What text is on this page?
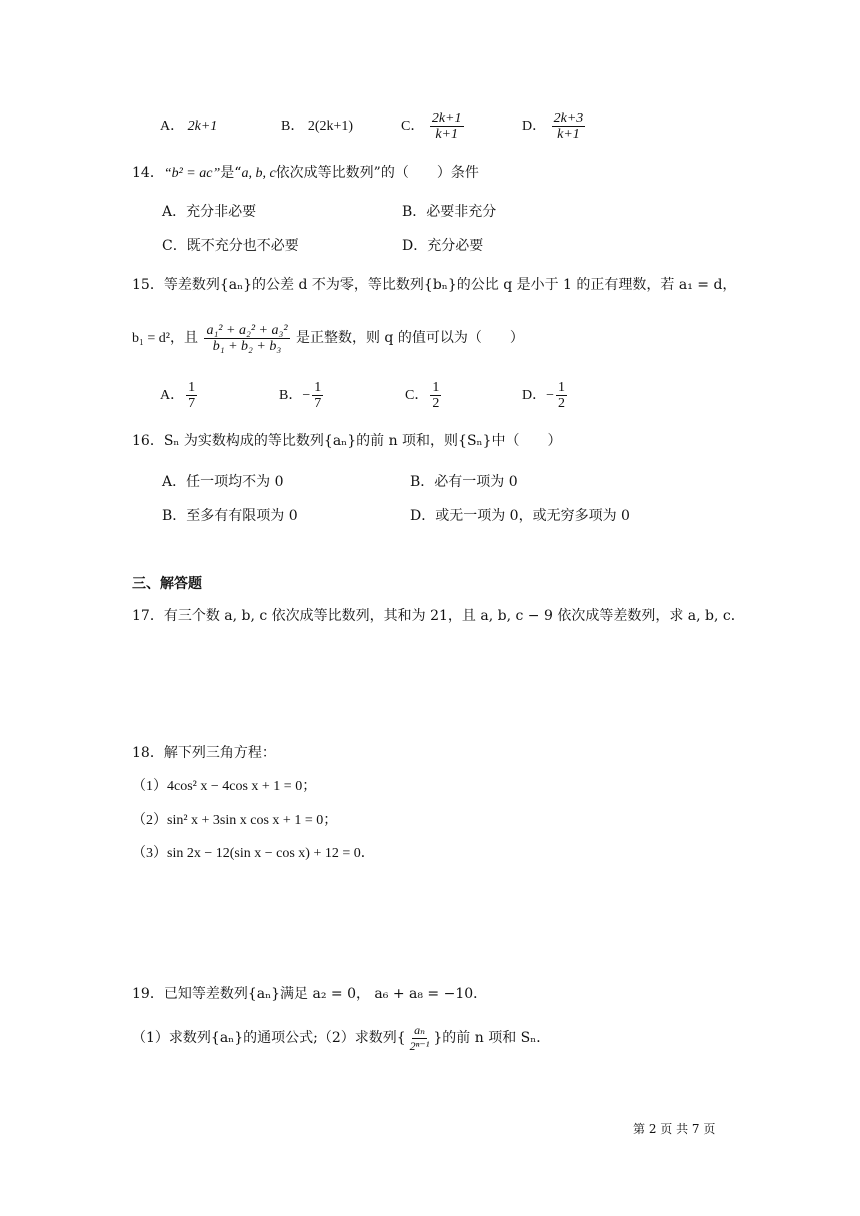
A． 2k+1	B． 2(2k+1)	C． $\frac{2k+1}{k+1}$	D． $\frac{2k+3}{k+1}$
14．“b² = ac”是“a, b, c依次成等比数列”的（　　）条件
A．充分非必要	B．必要非充分
C．既不充分也不必要	D．充分必要
15．等差数列{aₙ}的公差 d 不为零，等比数列{bₙ}的公比 q 是小于 1 的正有理数，若 a₁ = d，
b₁ = d²，且 $\frac{\text{a₁² + a₂² + a₃²}}{\text{b₁ + b₂ + b₃}}$ 是正整数，则 q 的值可以为（　　）
A． $\frac{1}{7}$	B．− $\frac{1}{7}$	C． $\frac{1}{2}$	D．− $\frac{1}{2}$
16．Sₙ 为实数构成的等比数列{aₙ}的前 n 项和，则{Sₙ}中（　　）
A．任一项均不为 0	B．必有一项为 0
B．至多有有限项为 0	D．或无一项为 0，或无穷多项为 0
三、解答题
17．有三个数 a, b, c 依次成等比数列，其和为 21，且 a, b, c − 9 依次成等差数列，求 a, b, c．
18．解下列三角方程：
（1）4cos² x − 4cos x + 1 = 0；
（2）sin² x + 3sin x cos x + 1 = 0；
（3）sin 2x − 12(sin x − cos x) + 12 = 0．
19．已知等差数列{aₙ}满足 a₂ = 0， a₆ + a₈ = −10．
（1）求数列{aₙ}的通项公式;（2）求数列{ $\frac{\text{aₙ}}{\text{2ⁿ⁻¹}}$ }的前 n 项和 Sₙ．
第 2 页 共 7 页
